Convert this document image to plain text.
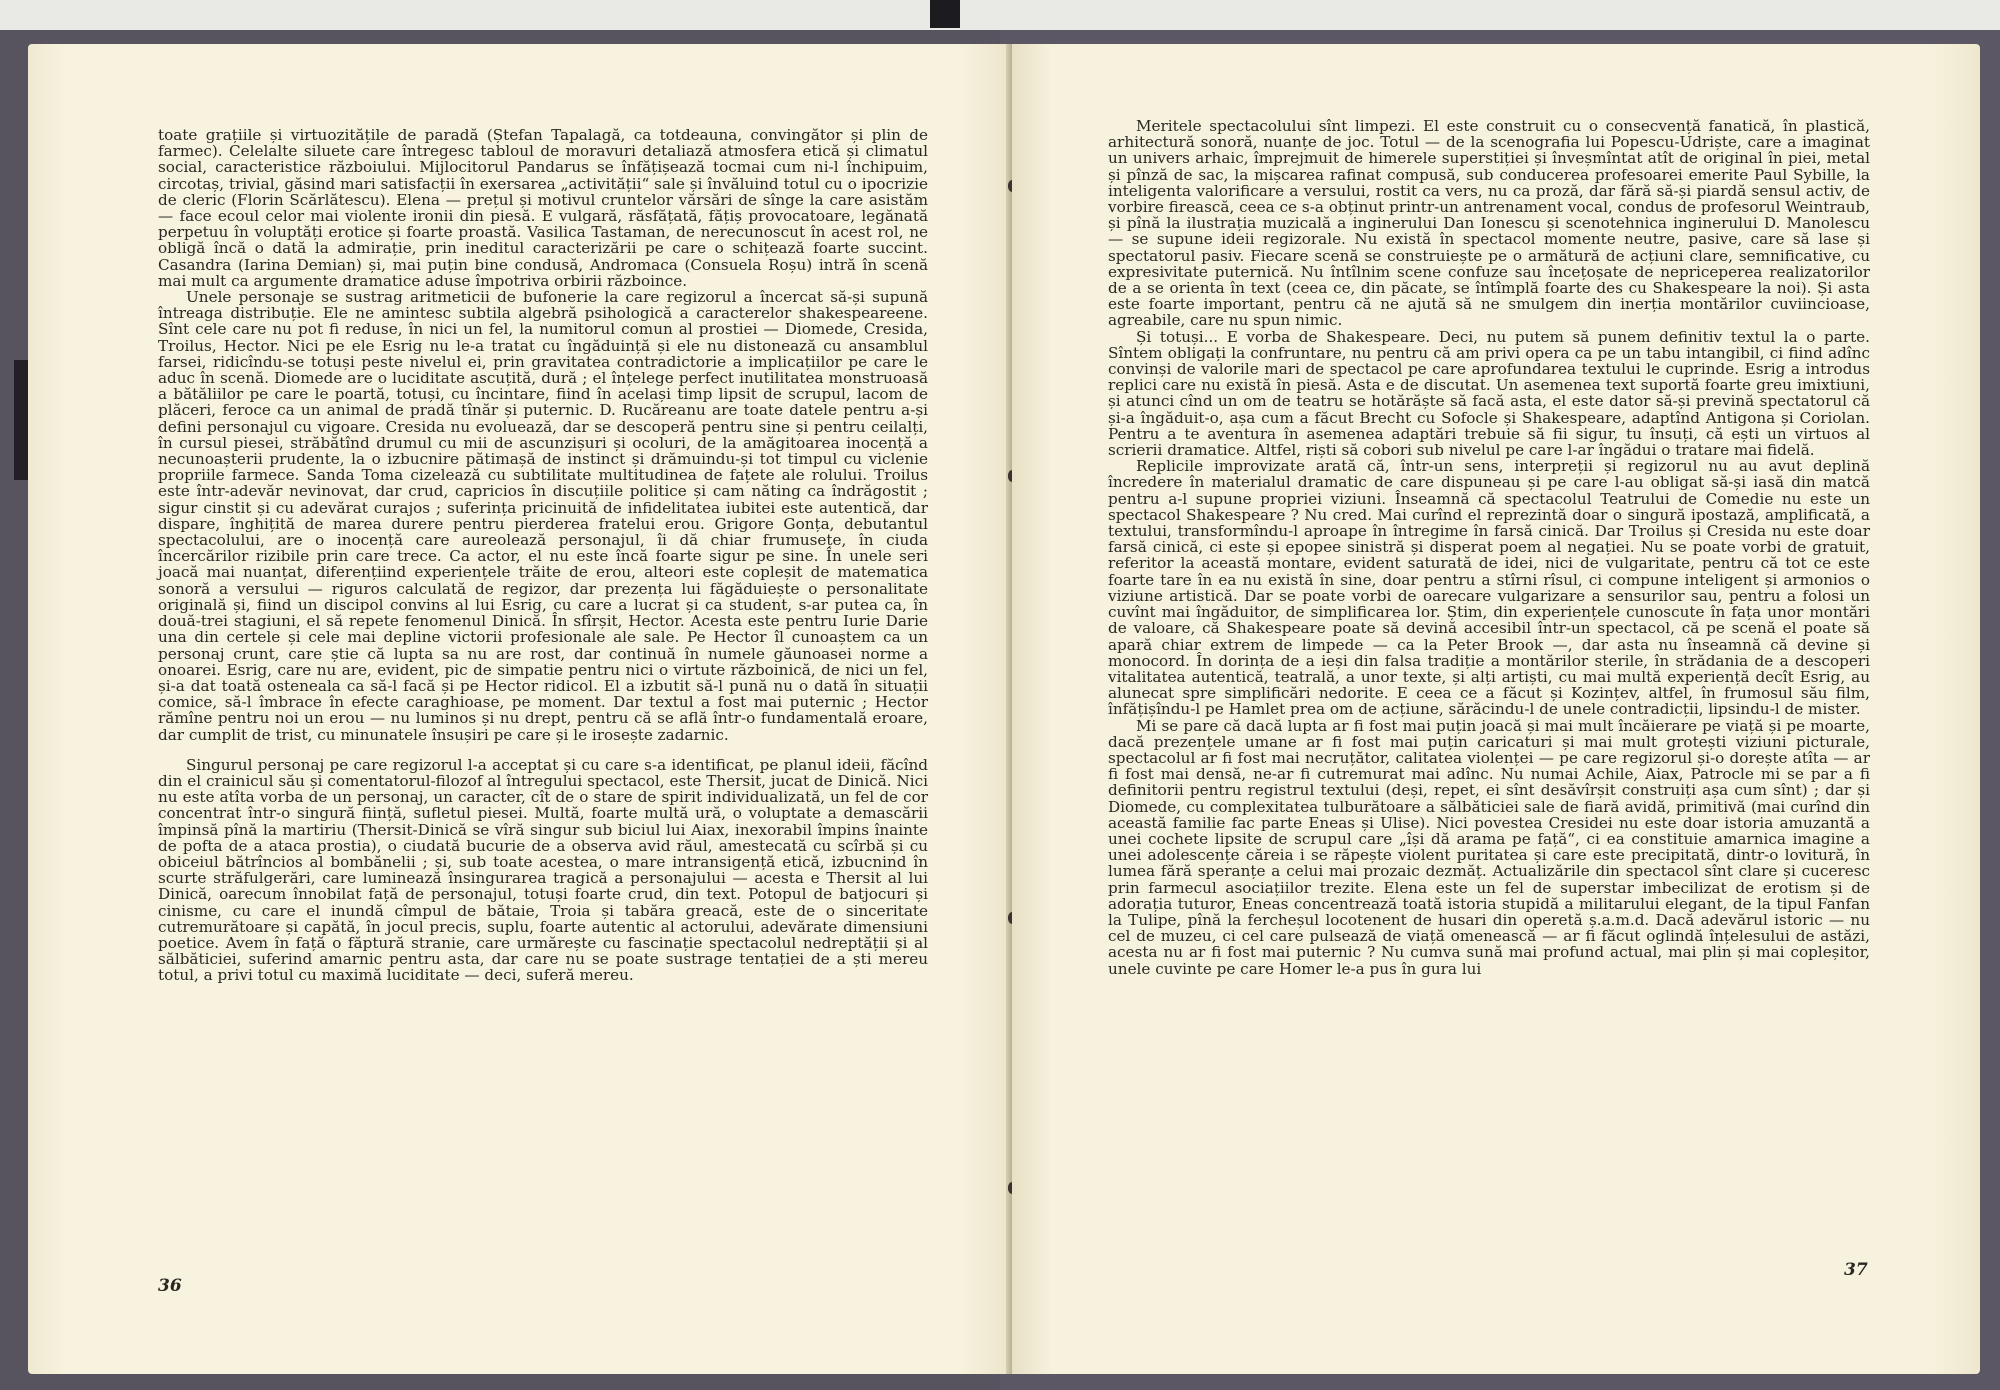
toate grațiile și virtuozitățile de paradă (Ștefan Tapalagă, ca totdeauna, convingător și plin de farmec). Celelalte siluete care întregesc tabloul de moravuri detaliază atmosfera etică și climatul social, caracteristice războiului. Mijlocitorul Pandarus se înfățișează tocmai cum ni-l închipuim, circotaș, trivial, găsind mari satisfacții în exersarea „activității“ sale și învăluind totul cu o ipocrizie de cleric (Florin Scărlătescu). Elena — prețul și motivul cruntelor vărsări de sînge la care asistăm — face ecoul celor mai violente ironii din piesă. E vulgară, răsfățată, fățiș provocatoare, legănată perpetuu în voluptăți erotice și foarte proastă. Vasilica Tastaman, de nerecunoscut în acest rol, ne obligă încă o dată la admirație, prin ineditul caracterizării pe care o schițează foarte succint. Casandra (Iarina Demian) și, mai puțin bine condusă, Andromaca (Consuela Roșu) intră în scenă mai mult ca argumente dramatice aduse împotriva orbirii războince.

Unele personaje se sustrag aritmeticii de bufonerie la care regizorul a încercat să-și supună întreaga distribuție. Ele ne amintesc subtila algebră psihologică a caracterelor shakespeareene. Sînt cele care nu pot fi reduse, în nici un fel, la numitorul comun al prostiei — Diomede, Cresida, Troilus, Hector. Nici pe ele Esrig nu le-a tratat cu îngăduință și ele nu distonează cu ansamblul farsei, ridicîndu-se totuși peste nivelul ei, prin gravitatea contradictorie a implicațiilor pe care le aduc în scenă. Diomede are o luciditate ascuțită, dură ; el înțelege perfect inutilitatea monstruoasă a bătăliilor pe care le poartă, totuși, cu încintare, fiind în același timp lipsit de scrupul, lacom de plăceri, feroce ca un animal de pradă tînăr și puternic. D. Rucăreanu are toate datele pentru a-și defini personajul cu vigoare. Cresida nu evoluează, dar se descoperă pentru sine și pentru ceilalți, în cursul piesei, străbătînd drumul cu mii de ascunzișuri și ocoluri, de la amăgitoarea inocență a necunoașterii prudente, la o izbucnire pătimașă de instinct și drămuindu-și tot timpul cu viclenie propriile farmece. Sanda Toma cizelează cu subtilitate multitudinea de fațete ale rolului. Troilus este într-adevăr nevinovat, dar crud, capricios în discuțiile politice și cam năting ca îndrăgostit ; sigur cinstit și cu adevărat curajos ; suferința pricinuită de infidelitatea iubitei este autentică, dar dispare, înghițită de marea durere pentru pierderea fratelui erou. Grigore Gonța, debutantul spectacolului, are o inocență care aureolează personajul, îi dă chiar frumusețe, în ciuda încercărilor rizibile prin care trece. Ca actor, el nu este încă foarte sigur pe sine. În unele seri joacă mai nuanțat, diferențiind experiențele trăite de erou, alteori este copleșit de matematica sonoră a versului — riguros calculată de regizor, dar prezența lui făgăduiește o personalitate originală și, fiind un discipol convins al lui Esrig, cu care a lucrat și ca student, s-ar putea ca, în două-trei stagiuni, el să repete fenomenul Dinică. În sfîrșit, Hector. Acesta este pentru Iurie Darie una din certele și cele mai depline victorii profesionale ale sale. Pe Hector îl cunoaștem ca un personaj crunt, care știe că lupta sa nu are rost, dar continuă în numele găunoasei norme a onoarei. Esrig, care nu are, evident, pic de simpatie pentru nici o virtute războinică, de nici un fel, și-a dat toată osteneala ca să-l facă și pe Hector ridicol. El a izbutit să-l pună nu o dată în situații comice, să-l îmbrace în efecte caraghioase, pe moment. Dar textul a fost mai puternic ; Hector rămîne pentru noi un erou — nu luminos și nu drept, pentru că se află într-o fundamentală eroare, dar cumplit de trist, cu minunatele însușiri pe care și le irosește zadarnic.

Singurul personaj pe care regizorul l-a acceptat și cu care s-a identificat, pe planul ideii, făcînd din el crainicul său și comentatorul-filozof al întregului spectacol, este Thersit, jucat de Dinică. Nici nu este atîta vorba de un personaj, un caracter, cît de o stare de spirit individualizată, un fel de cor concentrat într-o singură ființă, sufletul piesei. Multă, foarte multă ură, o voluptate a demascării împinsă pînă la martiriu (Thersit-Dinică se vîră singur sub biciul lui Aiax, inexorabil împins înainte de pofta de a ataca prostia), o ciudată bucurie de a observa avid răul, amestecată cu scîrbă și cu obiceiul bătrîncios al bombănelii ; și, sub toate acestea, o mare intransigență etică, izbucnind în scurte străfulgerări, care luminează însingurarea tragică a personajului — acesta e Thersit al lui Dinică, oarecum înnobilat față de personajul, totuși foarte crud, din text. Potopul de batjocuri și cinisme, cu care el inundă cîmpul de bătaie, Troia și tabăra greacă, este de o sinceritate cutremurătoare și capătă, în jocul precis, suplu, foarte autentic al actorului, adevărate dimensiuni poetice. Avem în față o făptură stranie, care urmărește cu fascinație spectacolul nedreptății și al sălbăticiei, suferind amarnic pentru asta, dar care nu se poate sustrage tentației de a ști mereu totul, a privi totul cu maximă luciditate — deci, suferă mereu.

36

Meritele spectacolului sînt limpezi. El este construit cu o consecvență fanatică, în plastică, arhitectură sonoră, nuanțe de joc. Totul — de la scenografia lui Popescu-Udriște, care a imaginat un univers arhaic, împrejmuit de himerele superstiției și înveșmîntat atît de original în piei, metal și pînză de sac, la mișcarea rafinat compusă, sub conducerea profesoarei emerite Paul Sybille, la inteligenta valorificare a versului, rostit ca vers, nu ca proză, dar fără să-și piardă sensul activ, de vorbire firească, ceea ce s-a obținut printr-un antrenament vocal, condus de profesorul Weintraub, și pînă la ilustrația muzicală a inginerului Dan Ionescu și scenotehnica inginerului D. Manolescu — se supune ideii regizorale. Nu există în spectacol momente neutre, pasive, care să lase și spectatorul pasiv. Fiecare scenă se construiește pe o armătură de acțiuni clare, semnificative, cu expresivitate puternică. Nu întîlnim scene confuze sau încețoșate de nepriceperea realizatorilor de a se orienta în text (ceea ce, din păcate, se întîmplă foarte des cu Shakespeare la noi). Și asta este foarte important, pentru că ne ajută să ne smulgem din inerția montărilor cuviincioase, agreabile, care nu spun nimic.

Și totuși... E vorba de Shakespeare. Deci, nu putem să punem definitiv textul la o parte. Sîntem obligați la confruntare, nu pentru că am privi opera ca pe un tabu intangibil, ci fiind adînc convinși de valorile mari de spectacol pe care aprofundarea textului le cuprinde. Esrig a introdus replici care nu există în piesă. Asta e de discutat. Un asemenea text suportă foarte greu imixtiuni, și atunci cînd un om de teatru se hotărăște să facă asta, el este dator să-și prevină spectatorul că și-a îngăduit-o, așa cum a făcut Brecht cu Sofocle și Shakespeare, adaptînd Antigona și Coriolan. Pentru a te aventura în asemenea adaptări trebuie să fii sigur, tu însuți, că ești un virtuos al scrierii dramatice. Altfel, riști să cobori sub nivelul pe care l-ar îngădui o tratare mai fidelă.

Replicile improvizate arată că, într-un sens, interpreții și regizorul nu au avut deplină încredere în materialul dramatic de care dispuneau și pe care l-au obligat să-și iasă din matcă pentru a-l supune propriei viziuni. Înseamnă că spectacolul Teatrului de Comedie nu este un spectacol Shakespeare ? Nu cred. Mai curînd el reprezintă doar o singură ipostază, amplificată, a textului, transformîndu-l aproape în întregime în farsă cinică. Dar Troilus și Cresida nu este doar farsă cinică, ci este și epopee sinistră și disperat poem al negației. Nu se poate vorbi de gratuit, referitor la această montare, evident saturată de idei, nici de vulgaritate, pentru că tot ce este foarte tare în ea nu există în sine, doar pentru a stîrni rîsul, ci compune inteligent și armonios o viziune artistică. Dar se poate vorbi de oarecare vulgarizare a sensurilor sau, pentru a folosi un cuvînt mai îngăduitor, de simplificarea lor. Știm, din experiențele cunoscute în fața unor montări de valoare, că Shakespeare poate să devină accesibil într-un spectacol, că pe scenă el poate să apară chiar extrem de limpede — ca la Peter Brook —, dar asta nu înseamnă că devine și monocord. În dorința de a ieși din falsa tradiție a montărilor sterile, în strădania de a descoperi vitalitatea autentică, teatrală, a unor texte, și alți artiști, cu mai multă experiență decît Esrig, au alunecat spre simplificări nedorite. E ceea ce a făcut și Kozințev, altfel, în frumosul său film, înfățișîndu-l pe Hamlet prea om de acțiune, sărăcindu-l de unele contradicții, lipsindu-l de mister.

Mi se pare că dacă lupta ar fi fost mai puțin joacă și mai mult încăierare pe viață și pe moarte, dacă prezențele umane ar fi fost mai puțin caricaturi și mai mult grotești viziuni picturale, spectacolul ar fi fost mai necruțător, calitatea violenței — pe care regizorul și-o dorește atîta — ar fi fost mai densă, ne-ar fi cutremurat mai adînc. Nu numai Achile, Aiax, Patrocle mi se par a fi definitorii pentru registrul textului (deși, repet, ei sînt desăvîrșit construiți așa cum sînt) ; dar și Diomede, cu complexitatea tulburătoare a sălbăticiei sale de fiară avidă, primitivă (mai curînd din această familie fac parte Eneas și Ulise). Nici povestea Cresidei nu este doar istoria amuzantă a unei cochete lipsite de scrupul care „își dă arama pe față“, ci ea constituie amarnica imagine a unei adolescențe căreia i se răpește violent puritatea și care este precipitată, dintr-o lovitură, în lumea fără speranțe a celui mai prozaic dezmăț. Actualizările din spectacol sînt clare și cuceresc prin farmecul asociațiilor trezite. Elena este un fel de superstar imbecilizat de erotism și de adorația tuturor, Eneas concentrează toată istoria stupidă a militarului elegant, de la tipul Fanfan la Tulipe, pînă la fercheșul locotenent de husari din operetă ș.a.m.d. Dacă adevărul istoric — nu cel de muzeu, ci cel care pulsează de viață omenească — ar fi făcut oglindă înțelesului de astăzi, acesta nu ar fi fost mai puternic ? Nu cumva sună mai profund actual, mai plin și mai copleșitor, unele cuvinte pe care Homer le-a pus în gura lui

37
